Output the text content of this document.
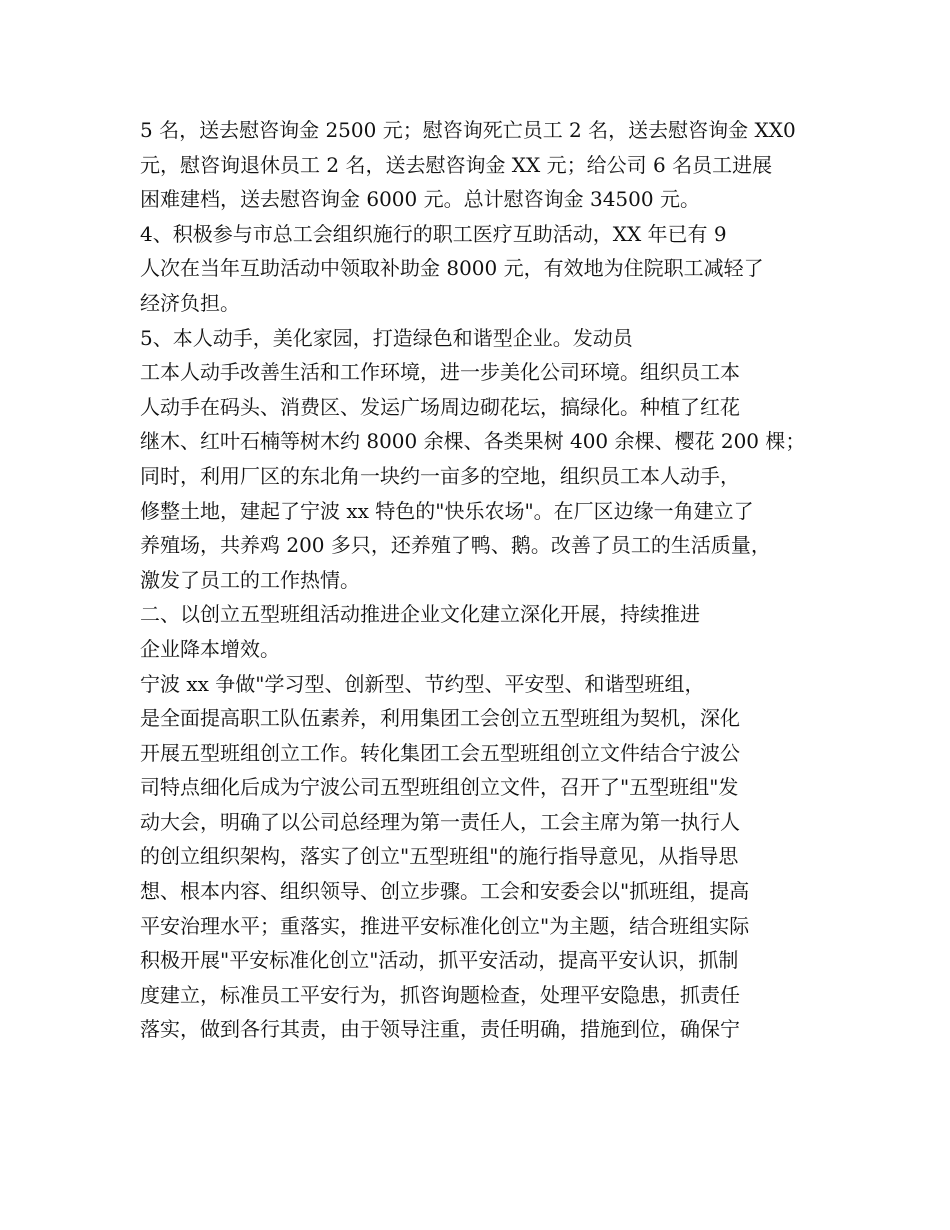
5 名，送去慰咨询金 2500 元；慰咨询死亡员工 2 名，送去慰咨询金 XX0
元，慰咨询退休员工 2 名，送去慰咨询金 XX 元；给公司 6 名员工进展
困难建档，送去慰咨询金 6000 元。总计慰咨询金 34500 元。
4、积极参与市总工会组织施行的职工医疗互助活动，XX 年已有 9
人次在当年互助活动中领取补助金 8000 元，有效地为住院职工减轻了
经济负担。
5、本人动手，美化家园，打造绿色和谐型企业。发动员
工本人动手改善生活和工作环境，进一步美化公司环境。组织员工本
人动手在码头、消费区、发运广场周边砌花坛，搞绿化。种植了红花
继木、红叶石楠等树木约 8000 余棵、各类果树 400 余棵、樱花 200 棵；
同时，利用厂区的东北角一块约一亩多的空地，组织员工本人动手，
修整土地，建起了宁波 xx 特色的"快乐农场"。在厂区边缘一角建立了
养殖场，共养鸡 200 多只，还养殖了鸭、鹅。改善了员工的生活质量，
激发了员工的工作热情。
二、以创立五型班组活动推进企业文化建立深化开展，持续推进
企业降本增效。
宁波 xx 争做"学习型、创新型、节约型、平安型、和谐型班组，
是全面提高职工队伍素养，利用集团工会创立五型班组为契机，深化
开展五型班组创立工作。转化集团工会五型班组创立文件结合宁波公
司特点细化后成为宁波公司五型班组创立文件，召开了"五型班组"发
动大会，明确了以公司总经理为第一责任人，工会主席为第一执行人
的创立组织架构，落实了创立"五型班组"的施行指导意见，从指导思
想、根本内容、组织领导、创立步骤。工会和安委会以"抓班组，提高
平安治理水平；重落实，推进平安标准化创立"为主题，结合班组实际
积极开展"平安标准化创立"活动，抓平安活动，提高平安认识，抓制
度建立，标准员工平安行为，抓咨询题检查，处理平安隐患，抓责任
落实，做到各行其责，由于领导注重，责任明确，措施到位，确保宁
